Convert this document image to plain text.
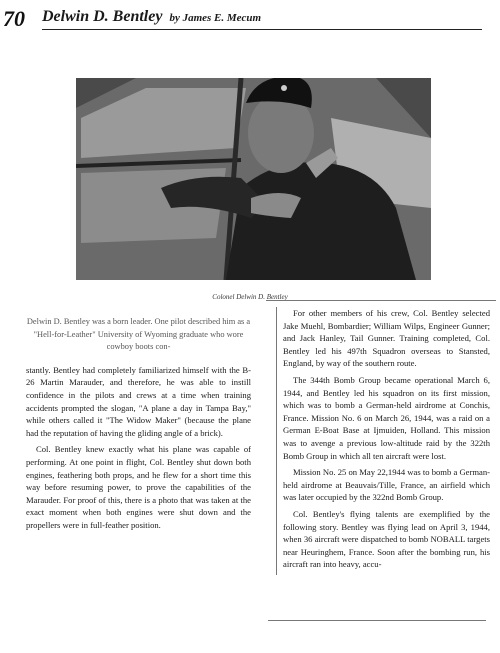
70 Delwin D. Bentley by James E. Mecum
Colonel Delwin D. Bentley

Delwin D. Bentley was a born leader. One pilot described him as a "Hell-for-Leather" University of Wyoming graduate who wore cowboy boots con-

stantly. Bentley had completely familiarized himself with the B-26 Martin Marauder, and therefore, he was able to instill confidence in the pilots and crews at a time when training accidents prompted the slogan, "A plane a day in Tampa Bay," while others called it "The Widow Maker" (because the plane had the reputation of having the gliding angle of a brick).

Col. Bentley knew exactly what his plane was capable of performing. At one point in flight, Col. Bentley shut down both engines, feathering both props, and he flew for a short time this way before resuming power, to prove the capabilities of the Marauder. For proof of this, there is a photo that was taken at the exact moment when both engines were shut down and the propellers were in full-feather position.

For other members of his crew, Col. Bentley selected Jake Muehl, Bombardier; William Wilps, Engineer Gunner; and Jack Hanley, Tail Gunner. Training completed, Col. Bentley led his 497th Squadron overseas to Stansted, England, by way of the southern route.

The 344th Bomb Group became operational March 6, 1944, and Bentley led his squadron on its first mission, which was to bomb a German-held airdrome at Conchis, France. Mission No. 6 on March 26, 1944, was a raid on a German E-Boat Base at Ijmuiden, Holland. This mission was to avenge a previous low-altitude raid by the 322th Bomb Group in which all ten aircraft were lost.

Mission No. 25 on May 22,1944 was to bomb a German-held airdrome at Beauvais/Tille, France, an airfield which was later occupied by the 322nd Bomb Group.

Col. Bentley's flying talents are exemplified by the following story. Bentley was flying lead on April 3, 1944, when 36 aircraft were dispatched to bomb NOBALL targets near Heuringhem, France. Soon after the bombing run, his aircraft ran into heavy, accu-
